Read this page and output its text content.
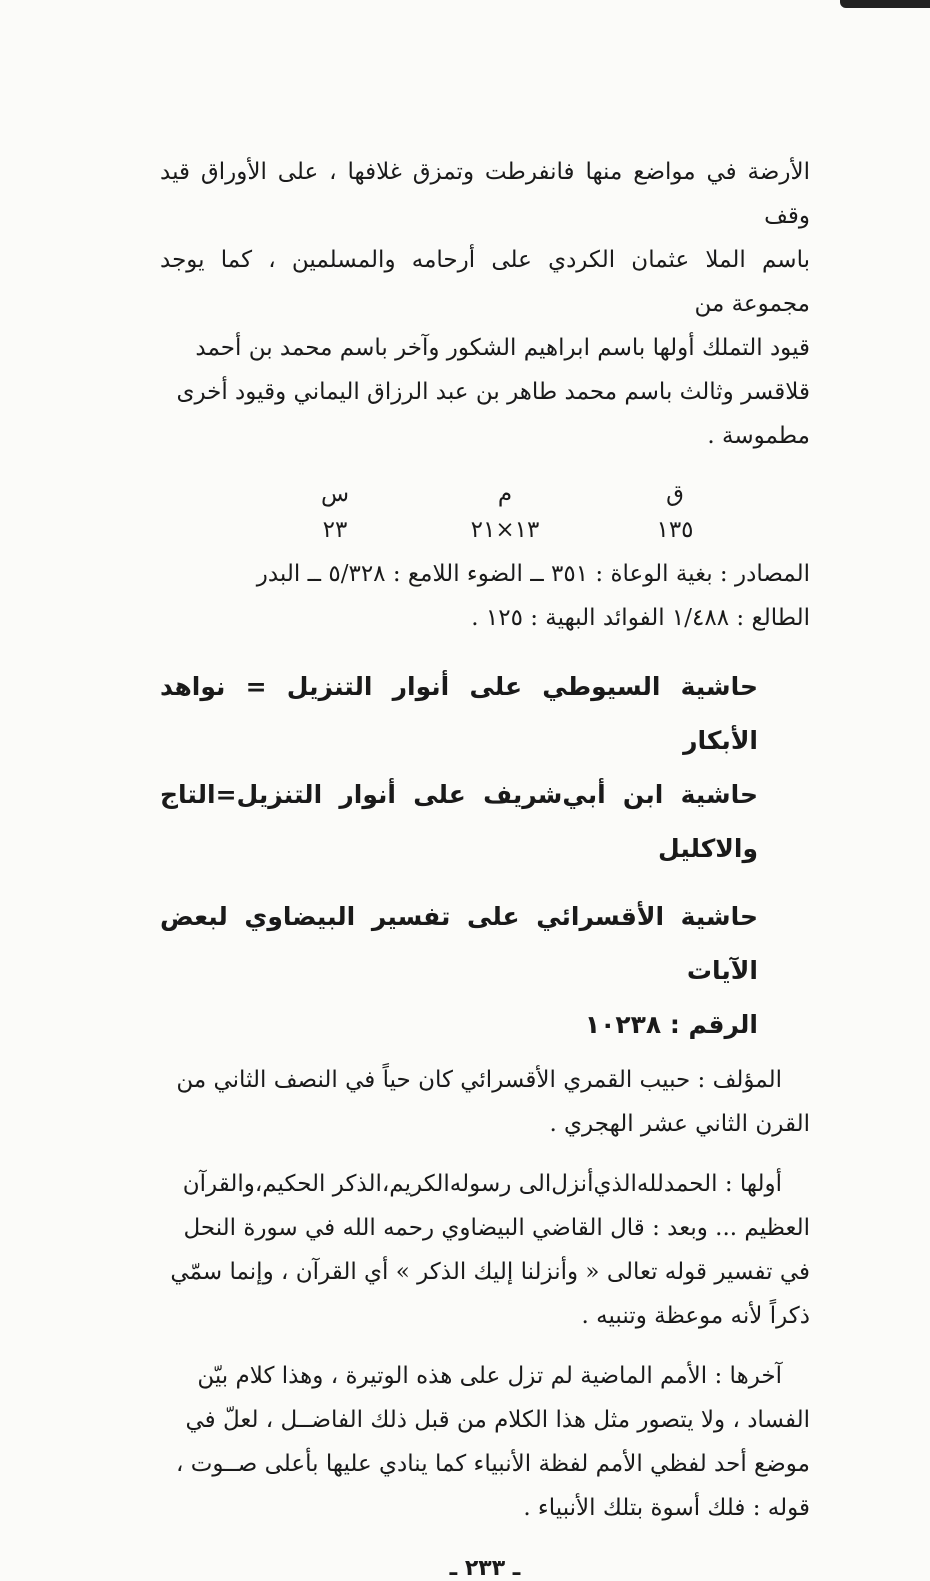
الأرضة في مواضع منها فانفرطت وتمزق غلافها ، على الأوراق قيد وقف
باسم الملا عثمان الكردي على أرحامه والمسلمين ، كما يوجد مجموعة من
قيود التملك أولها باسم ابراهيم الشكور وآخر باسم محمد بن أحمد
قلاقسر وثالث باسم محمد طاهر بن عبد الرزاق اليماني وقيود أخرى
مطموسة .

ق
م
س
١٣٥
١٣×٢١
٢٣

المصادر : بغية الوعاة : ٣٥١ ــ الضوء اللامع : ٥/٣٢٨ ــ البدر
الطالع : ١/٤٨٨ الفوائد البهية : ١٢٥ .

حاشية السيوطي على أنوار التنزيل = نواهد الأبكار

حاشية ابن أبي‌شريف على أنوار التنزيل=التاج والاكليل

حاشية الأقسرائي على تفسير البيضاوي لبعض الآيات

الرقم : ١٠٢٣٨

المؤلف : حبيب القمري الأقسرائي كان حياً في النصف الثاني من
القرن الثاني عشر الهجري .

أولها : الحمدلله‌الذي‌أنزل‌الى رسوله‌الكريم،الذكر الحكيم،والقرآن
العظيم ... وبعد : قال القاضي البيضاوي رحمه الله في سورة النحل
في تفسير قوله تعالى « وأنزلنا إليك الذكر » أي القرآن ، وإنما سمّي
ذكراً لأنه موعظة وتنبيه .

آخرها : الأمم الماضية لم تزل على هذه الوتيرة ، وهذا كلام بيّن
الفساد ، ولا يتصور مثل هذا الكلام من قبل ذلك الفاضــل ، لعلّ في
موضع أحد لفظي الأمم لفظة الأنبياء كما ينادي عليها بأعلى صــوت ،
قوله : فلك أسوة بتلك الأنبياء .

ـ ٢٣٣ ـ
